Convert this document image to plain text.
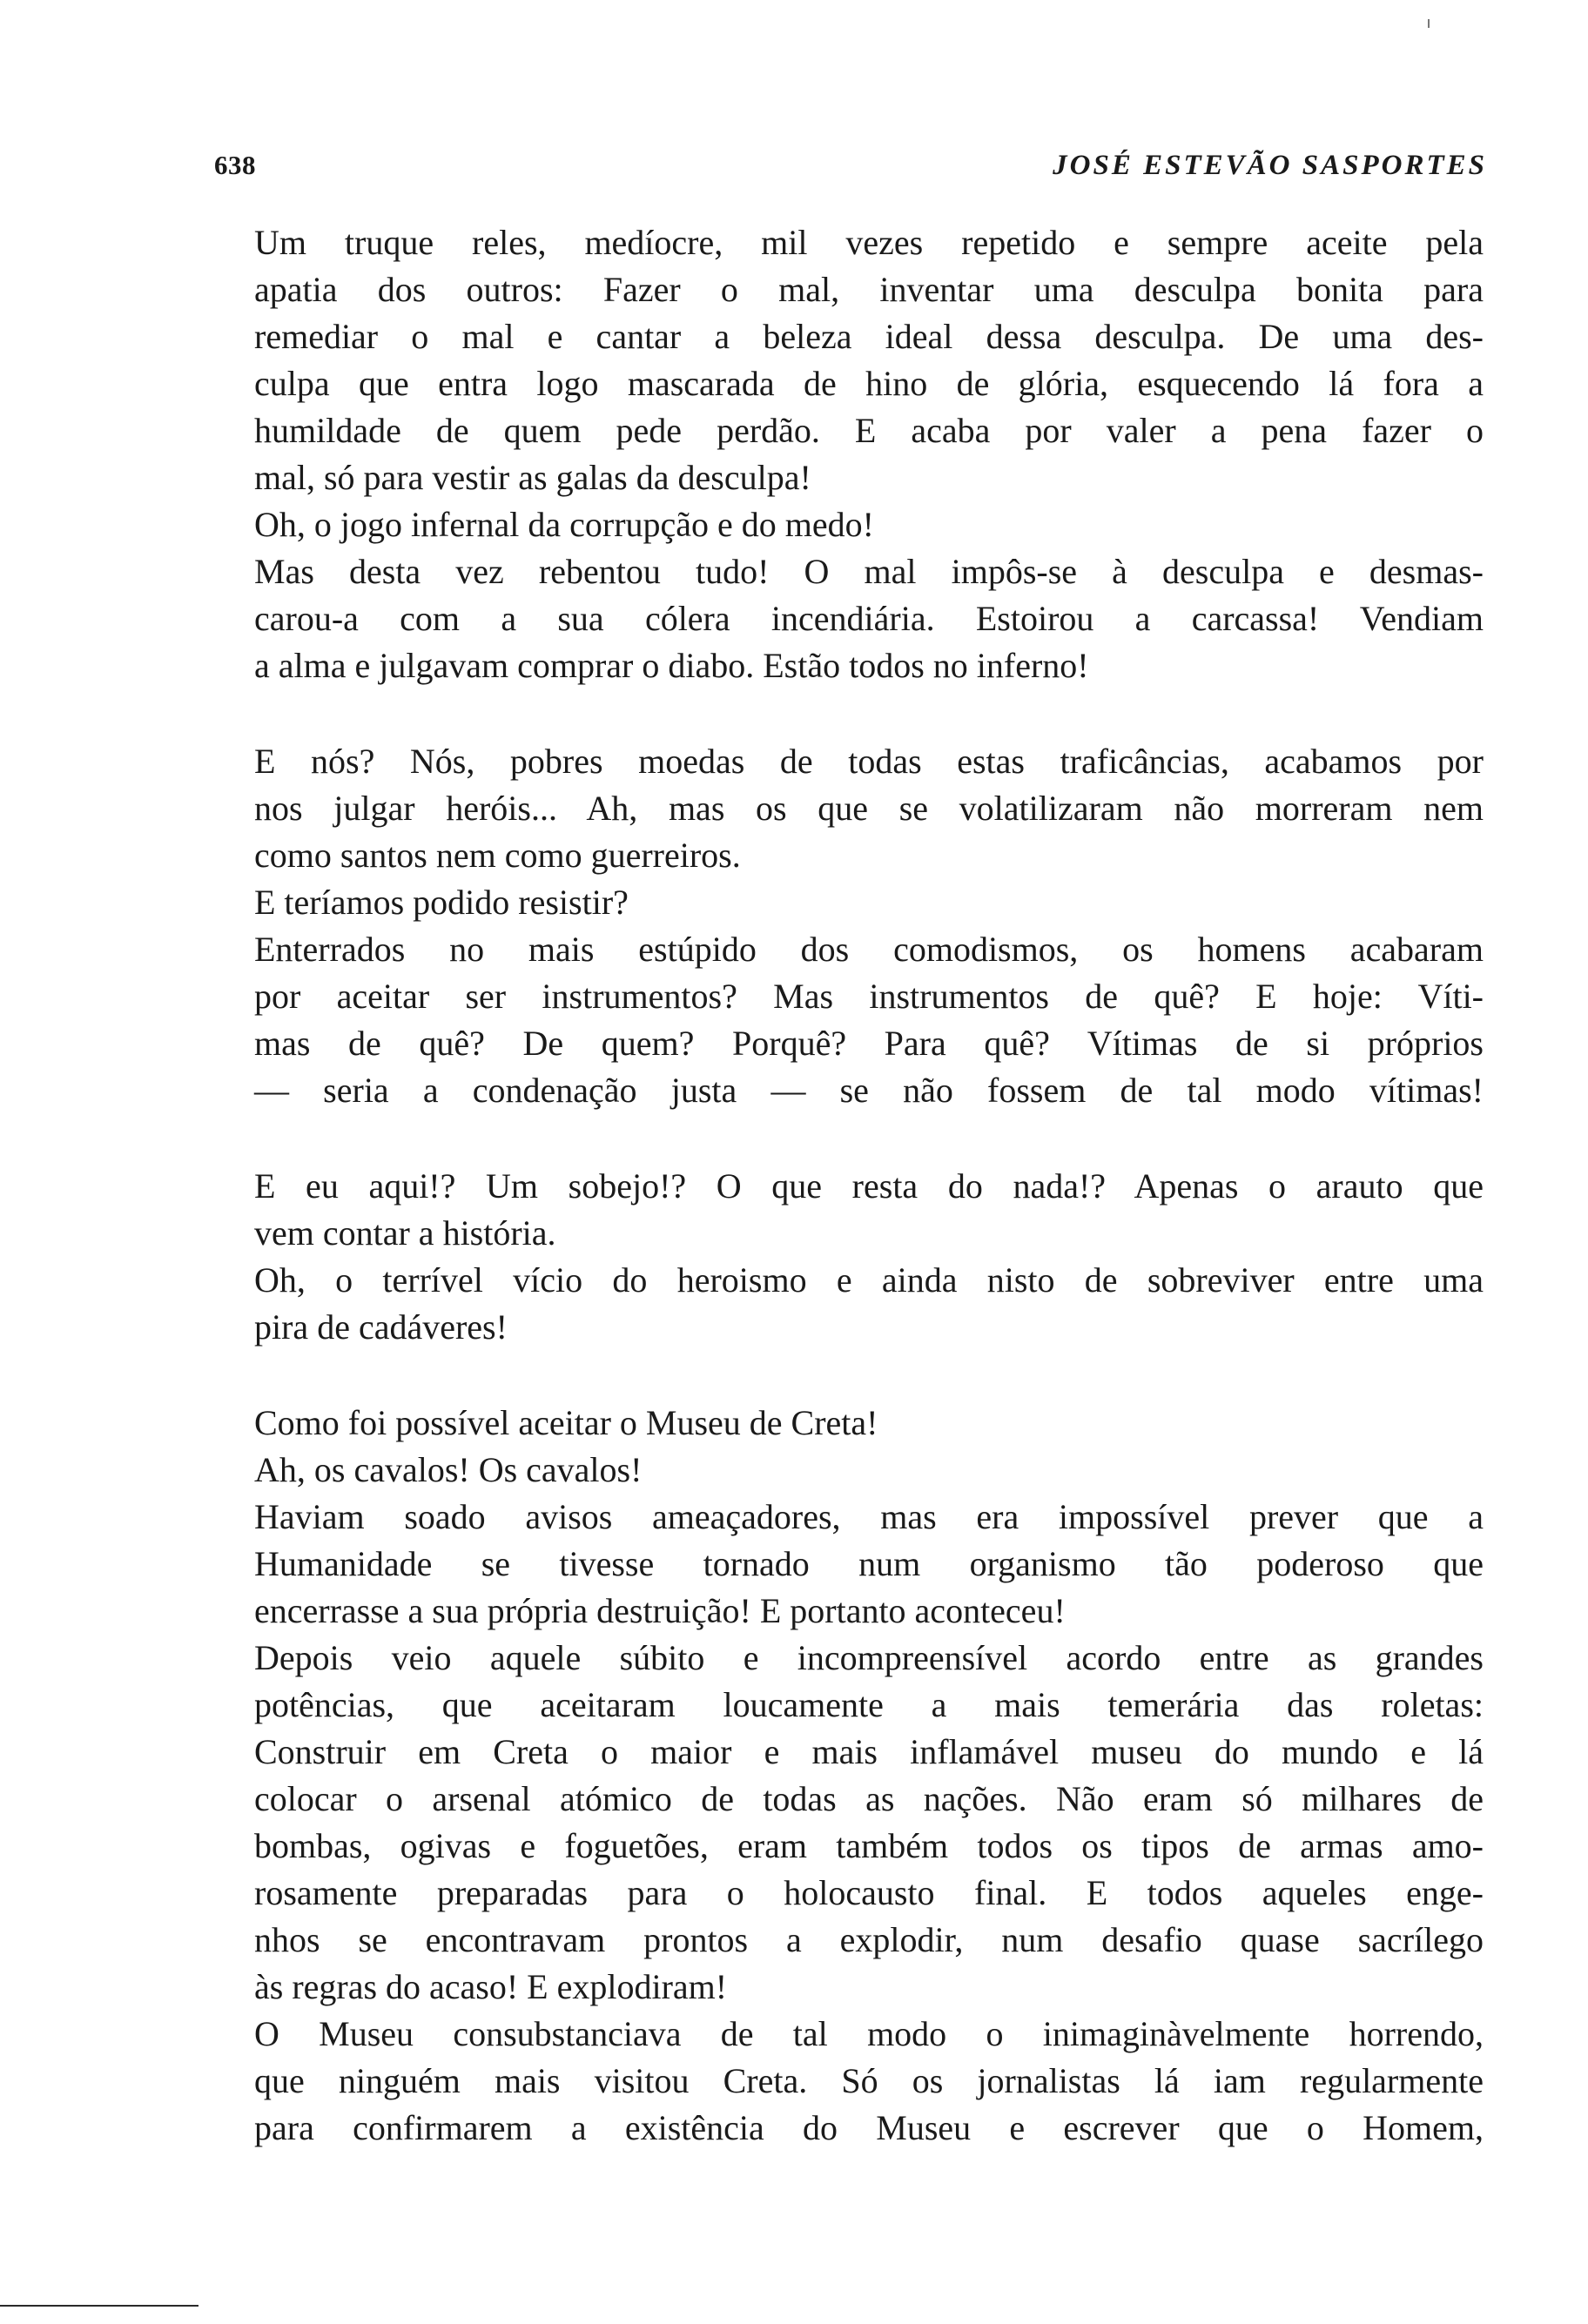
638	JOSÉ ESTEVÃO SASPORTES
Um truque reles, medíocre, mil vezes repetido e sempre aceite pela
apatia dos outros: Fazer o mal, inventar uma desculpa bonita para
remediar o mal e cantar a beleza ideal dessa desculpa. De uma des-
culpa que entra logo mascarada de hino de glória, esquecendo lá fora a
humildade de quem pede perdão. E acaba por valer a pena fazer o
mal, só para vestir as galas da desculpa!
Oh, o jogo infernal da corrupção e do medo!
Mas desta vez rebentou tudo! O mal impôs-se à desculpa e desmas-
carou-a com a sua cólera incendiária. Estoirou a carcassa! Vendiam
a alma e julgavam comprar o diabo. Estão todos no inferno!
E nós? Nós, pobres moedas de todas estas traficâncias, acabamos por
nos julgar heróis... Ah, mas os que se volatilizaram não morreram nem
como santos nem como guerreiros.
E teríamos podido resistir?
Enterrados no mais estúpido dos comodismos, os homens acabaram
por aceitar ser instrumentos? Mas instrumentos de quê? E hoje: Víti-
mas de quê? De quem? Porquê? Para quê? Vítimas de si próprios
— seria a condenação justa — se não fossem de tal modo vítimas!
E eu aqui!? Um sobejo!? O que resta do nada!? Apenas o arauto que
vem contar a história.
Oh, o terrível vício do heroismo e ainda nisto de sobreviver entre uma
pira de cadáveres!
Como foi possível aceitar o Museu de Creta!
Ah, os cavalos! Os cavalos!
Haviam soado avisos ameaçadores, mas era impossível prever que a
Humanidade se tivesse tornado num organismo tão poderoso que
encerrasse a sua própria destruição! E portanto aconteceu!
Depois veio aquele súbito e incompreensível acordo entre as grandes
potências, que aceitaram loucamente a mais temerária das roletas:
Construir em Creta o maior e mais inflamável museu do mundo e lá
colocar o arsenal atómico de todas as nações. Não eram só milhares de
bombas, ogivas e foguetões, eram também todos os tipos de armas amo-
rosamente preparadas para o holocausto final. E todos aqueles enge-
nhos se encontravam prontos a explodir, num desafio quase sacrílego
às regras do acaso! E explodiram!
O Museu consubstanciava de tal modo o inimaginàvelmente horrendo,
que ninguém mais visitou Creta. Só os jornalistas lá iam regularmente
para confirmarem a existência do Museu e escrever que o Homem,
